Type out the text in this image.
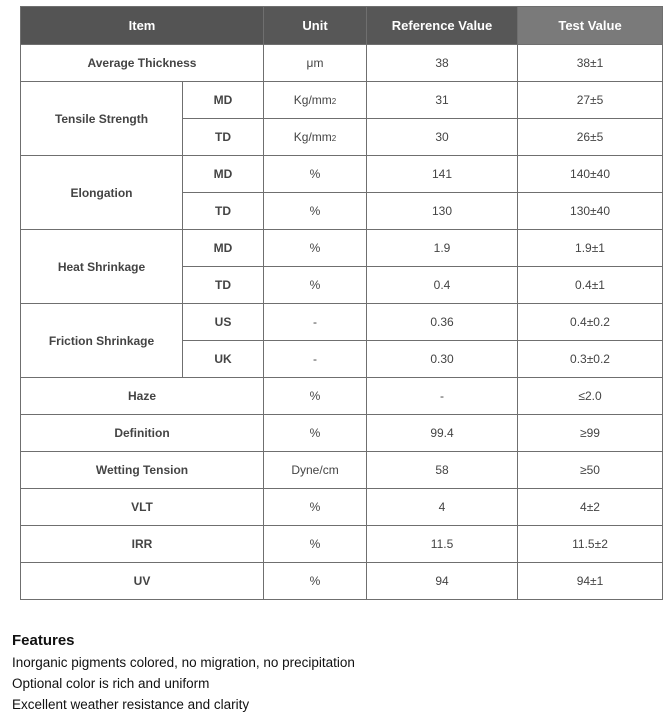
Item		Unit	Reference Value	Test Value
Average Thickness		μm	38	38±1
Tensile Strength	MD	Kg/mm2	31	27±5
	TD	Kg/mm2	30	26±5
Elongation	MD	%	141	140±40
	TD	%	130	130±40
Heat Shrinkage	MD	%	1.9	1.9±1
	TD	%	0.4	0.4±1
Friction Shrinkage	US	-	0.36	0.4±0.2
	UK	-	0.30	0.3±0.2
Haze		%	-	≤2.0
Definition		%	99.4	≥99
Wetting Tension		Dyne/cm	58	≥50
VLT		%	4	4±2
IRR		%	11.5	11.5±2
UV		%	94	94±1
Features

Inorganic pigments colored, no migration, no precipitation

Optional color is rich and uniform

Excellent weather resistance and clarity
